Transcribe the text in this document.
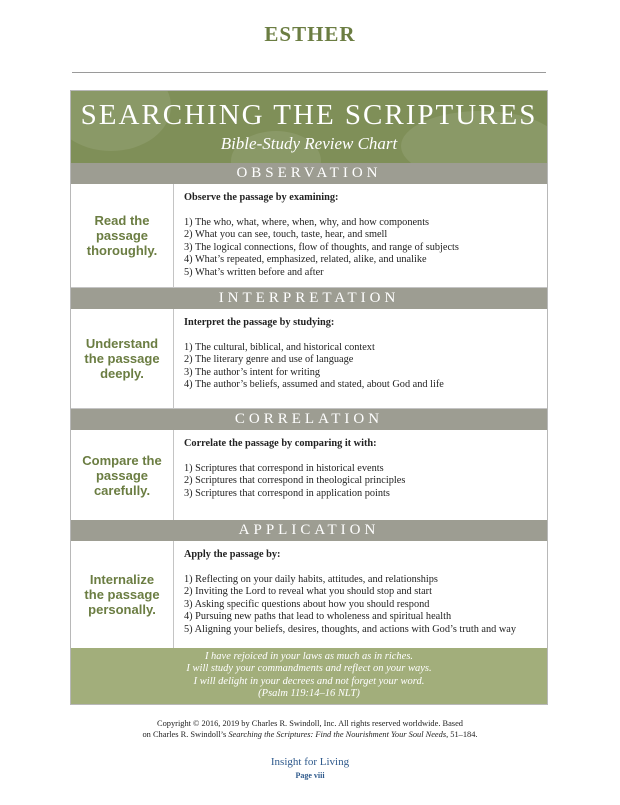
ESTHER
SEARCHING THE SCRIPTURES
Bible-Study Review Chart
OBSERVATION
Read the passage thoroughly.
Observe the passage by examining:
1) The who, what, where, when, why, and how components
2) What you can see, touch, taste, hear, and smell
3) The logical connections, flow of thoughts, and range of subjects
4) What’s repeated, emphasized, related, alike, and unalike
5) What’s written before and after
INTERPRETATION
Understand the passage deeply.
Interpret the passage by studying:
1) The cultural, biblical, and historical context
2) The literary genre and use of language
3) The author’s intent for writing
4) The author’s beliefs, assumed and stated, about God and life
CORRELATION
Compare the passage carefully.
Correlate the passage by comparing it with:
1) Scriptures that correspond in historical events
2) Scriptures that correspond in theological principles
3) Scriptures that correspond in application points
APPLICATION
Internalize the passage personally.
Apply the passage by:
1) Reflecting on your daily habits, attitudes, and relationships
2) Inviting the Lord to reveal what you should stop and start
3) Asking specific questions about how you should respond
4) Pursuing new paths that lead to wholeness and spiritual health
5) Aligning your beliefs, desires, thoughts, and actions with God’s truth and way
I have rejoiced in your laws as much as in riches.
I will study your commandments and reflect on your ways.
I will delight in your decrees and not forget your word.
(Psalm 119:14–16 NLT)
Copyright © 2016, 2019 by Charles R. Swindoll, Inc. All rights reserved worldwide. Based
on Charles R. Swindoll’s Searching the Scriptures: Find the Nourishment Your Soul Needs, 51–184.
Insight for Living
Page viii
